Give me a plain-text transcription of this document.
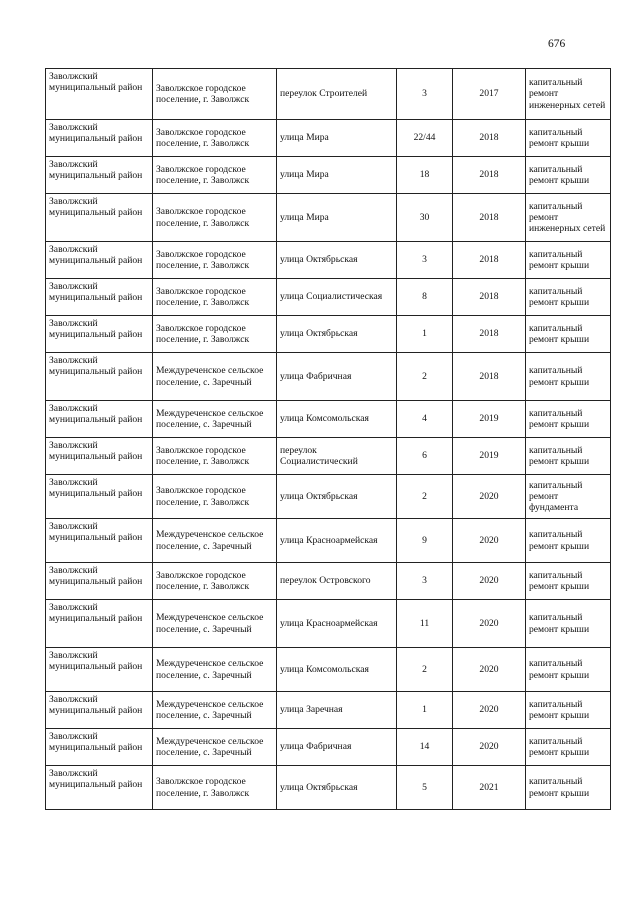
676
Заволжский муниципальный район	Заволжское городское поселение, г. Заволжск	переулок Строителей	3	2017	капитальный ремонт инженерных сетей
Заволжский муниципальный район	Заволжское городское поселение, г. Заволжск	улица Мира	22/44	2018	капитальный ремонт крыши
Заволжский муниципальный район	Заволжское городское поселение, г. Заволжск	улица Мира	18	2018	капитальный ремонт крыши
Заволжский муниципальный район	Заволжское городское поселение, г. Заволжск	улица Мира	30	2018	капитальный ремонт инженерных сетей
Заволжский муниципальный район	Заволжское городское поселение, г. Заволжск	улица Октябрьская	3	2018	капитальный ремонт крыши
Заволжский муниципальный район	Заволжское городское поселение, г. Заволжск	улица Социалистическая	8	2018	капитальный ремонт крыши
Заволжский муниципальный район	Заволжское городское поселение, г. Заволжск	улица Октябрьская	1	2018	капитальный ремонт крыши
Заволжский муниципальный район	Междуреченское сельское поселение, с. Заречный	улица Фабричная	2	2018	капитальный ремонт крыши
Заволжский муниципальный район	Междуреченское сельское поселение, с. Заречный	улица Комсомольская	4	2019	капитальный ремонт крыши
Заволжский муниципальный район	Заволжское городское поселение, г. Заволжск	переулок Социалистический	6	2019	капитальный ремонт крыши
Заволжский муниципальный район	Заволжское городское поселение, г. Заволжск	улица Октябрьская	2	2020	капитальный ремонт фундамента
Заволжский муниципальный район	Междуреченское сельское поселение, с. Заречный	улица Красноармейская	9	2020	капитальный ремонт крыши
Заволжский муниципальный район	Заволжское городское поселение, г. Заволжск	переулок Островского	3	2020	капитальный ремонт крыши
Заволжский муниципальный район	Междуреченское сельское поселение, с. Заречный	улица Красноармейская	11	2020	капитальный ремонт крыши
Заволжский муниципальный район	Междуреченское сельское поселение, с. Заречный	улица Комсомольская	2	2020	капитальный ремонт крыши
Заволжский муниципальный район	Междуреченское сельское поселение, с. Заречный	улица Заречная	1	2020	капитальный ремонт крыши
Заволжский муниципальный район	Междуреченское сельское поселение, с. Заречный	улица Фабричная	14	2020	капитальный ремонт крыши
Заволжский муниципальный район	Заволжское городское поселение, г. Заволжск	улица Октябрьская	5	2021	капитальный ремонт крыши
